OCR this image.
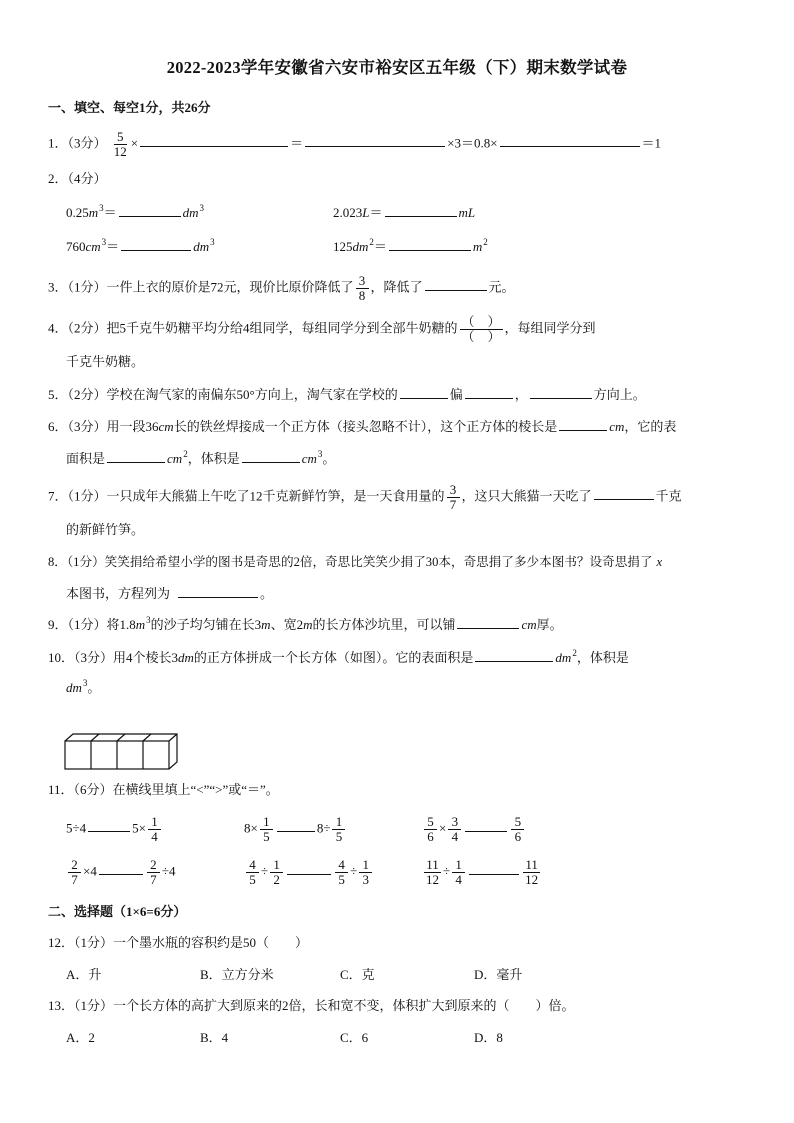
2022-2023学年安徽省六安市裕安区五年级（下）期末数学试卷
一、填空、每空1分，共26分
1．（3分） $\frac{5}{12}$ ×	＝	×3＝0.8×	＝1
2．（4分）
$0.25m^3=$	$dm^3$	2.023L＝	mL
$760cm^3=$	$dm^3$	$125dm^2=$	$m^2$
3．（1分）一件上衣的原价是72元，现价比原价降低了 $\frac{3}{8}$ ，降低了	元。
4．（2分）把5千克牛奶糖平均分给4组同学，每组同学分到全部牛奶糖的 $\frac{( )}{( )}$ ，每组同学分到
千克牛奶糖。
5．（2分）学校在淘气家的南偏东50°方向上，淘气家在学校的	偏	，	方向上。
6．（3分）用一段36cm长的铁丝焊接成一个正方体（接头忽略不计），这个正方体的棱长是	cm，它的表
面积是	$cm^2$，体积是	$cm^3$。
7．（1分）一只成年大熊猫上午吃了12千克新鲜竹笋，是一天食用量的 $\frac{3}{7}$ ，这只大熊猫一天吃了	千克
的新鲜竹笋。
8．（1分）笑笑捐给希望小学的图书是奇思的2倍，奇思比笑笑少捐了30本，奇思捐了多少本图书？设奇思捐了 x
本图书，方程列为	。
9．（1分）将$1.8m^3$的沙子均匀铺在长3m、宽2m的长方体沙坑里，可以铺	cm厚。
10．（3分）用4个棱长3dm的正方体拼成一个长方体（如图）。它的表面积是	$dm^2$，体积是
$dm^3$。
11．（6分）在横线里填上“<”“>”或“＝”。
5÷4	$5\times \frac{1}{4}$	$8\times \frac{1}{5}$	$8\div \frac{1}{5}$	$\frac{5}{6} \times \frac{3}{4}$	$\frac{5}{6}$
$\frac{2}{7} \times 4$	$\frac{2}{7} \div 4$	$\frac{4}{5} \div \frac{1}{2}$	$\frac{4}{5} \div \frac{1}{3}$	$\frac{11}{12} \div \frac{1}{4}$	$\frac{11}{12}$
二、选择题（1×6=6分）
12．（1分）一个墨水瓶的容积约是50（　　）
A．升	B．立方分米	C．克	D．毫升
13．（1分）一个长方体的高扩大到原来的2倍，长和宽不变，体积扩大到原来的（　　）倍。
A．2	B．4	C．6	D．8
